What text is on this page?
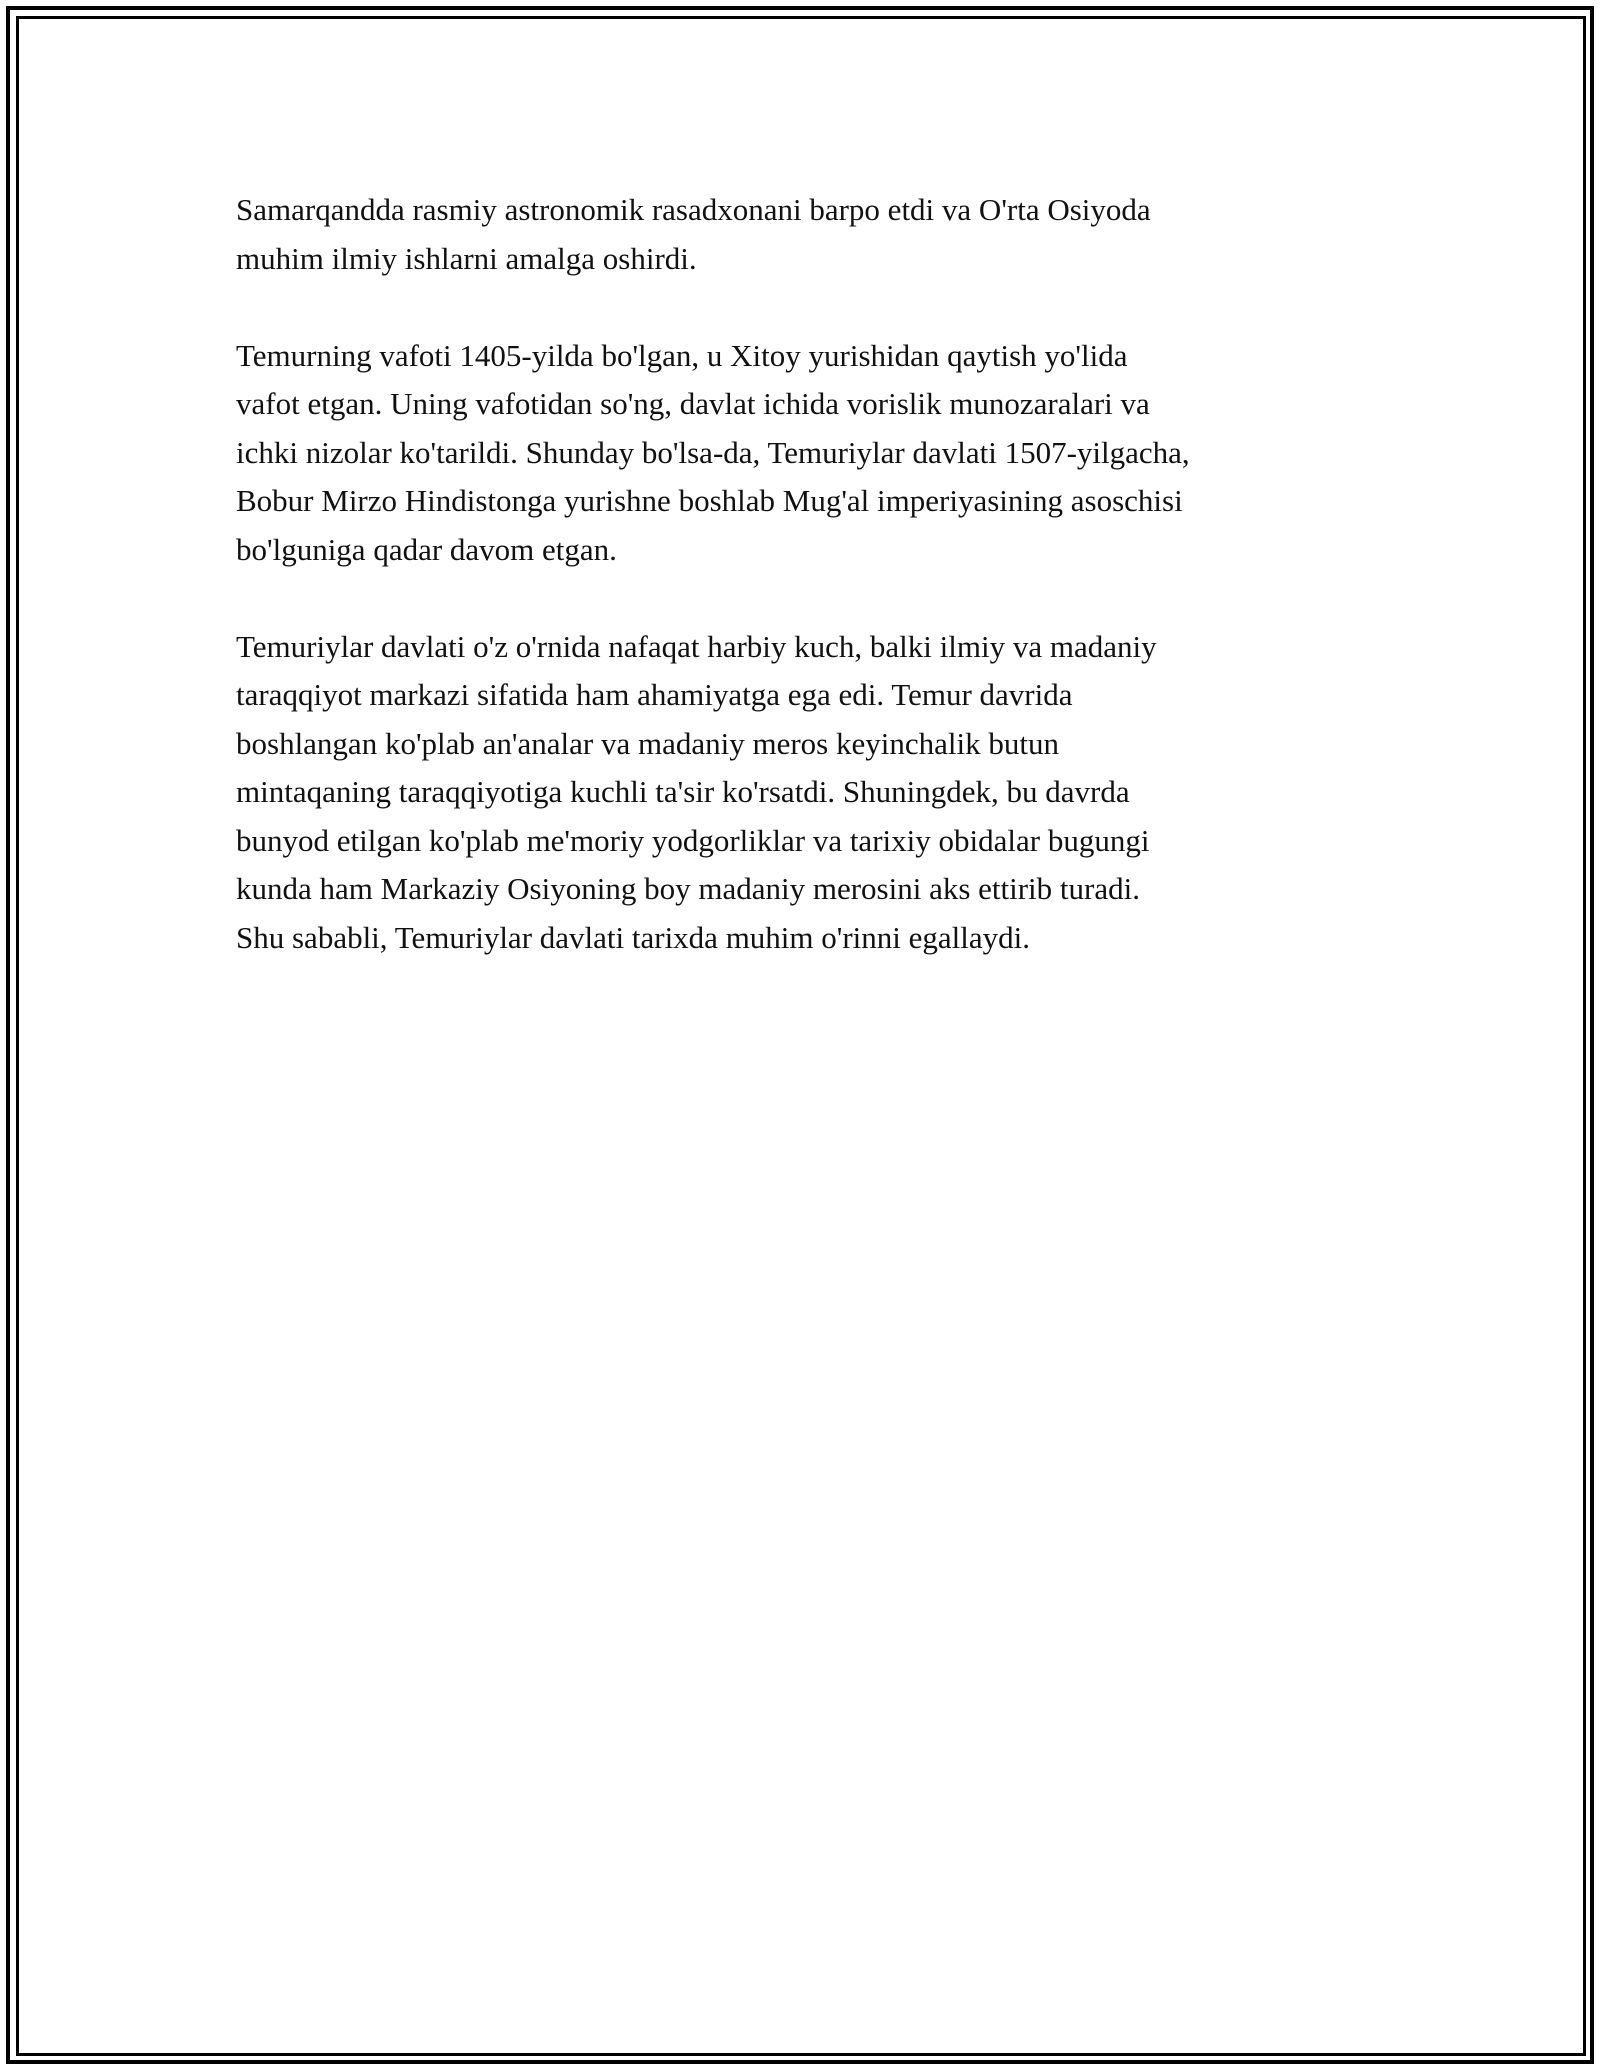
Samarqandda rasmiy astronomik rasadxonani barpo etdi va O'rta Osiyoda
muhim ilmiy ishlarni amalga oshirdi.

Temurning vafoti 1405-yilda bo'lgan, u Xitoy yurishidan qaytish yo'lida
vafot etgan. Uning vafotidan so'ng, davlat ichida vorislik munozaralari va
ichki nizolar ko'tarildi. Shunday bo'lsa-da, Temuriylar davlati 1507-yilgacha,
Bobur Mirzo Hindistonga yurishne boshlab Mug'al imperiyasining asoschisi
bo'lguniga qadar davom etgan.

Temuriylar davlati o'z o'rnida nafaqat harbiy kuch, balki ilmiy va madaniy
taraqqiyot markazi sifatida ham ahamiyatga ega edi. Temur davrida
boshlangan ko'plab an'analar va madaniy meros keyinchalik butun
mintaqaning taraqqiyotiga kuchli ta'sir ko'rsatdi. Shuningdek, bu davrda
bunyod etilgan ko'plab me'moriy yodgorliklar va tarixiy obidalar bugungi
kunda ham Markaziy Osiyoning boy madaniy merosini aks ettirib turadi.
Shu sababli, Temuriylar davlati tarixda muhim o'rinni egallaydi.
